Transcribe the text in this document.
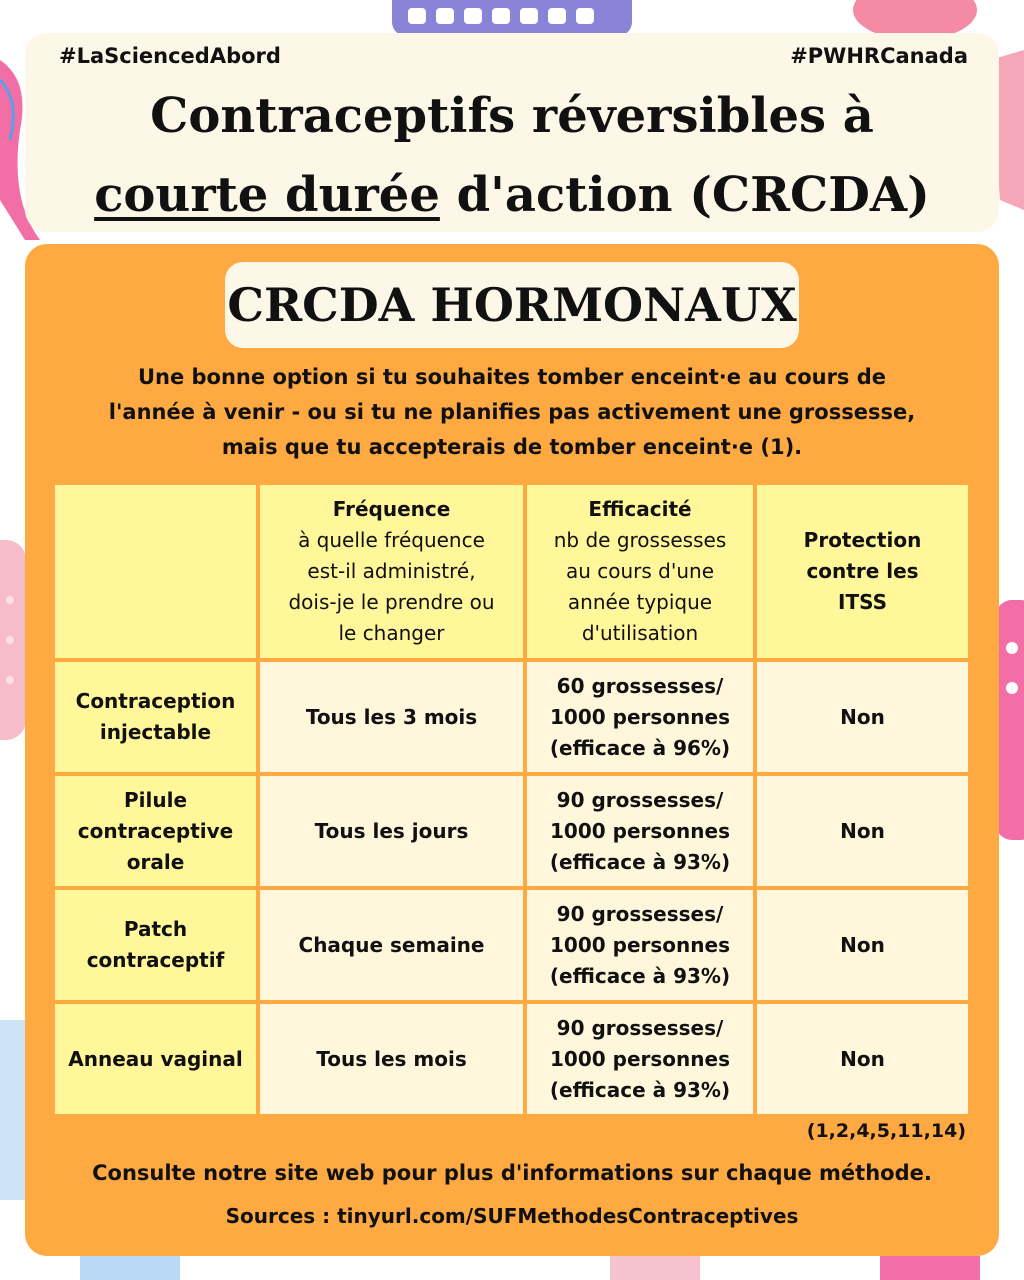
#LaSciencedAbord	#PWHRCanada
Contraceptifs réversibles à
courte durée d'action (CRCDA)
CRCDA HORMONAUX
Une bonne option si tu souhaites tomber enceint·e au cours de
l'année à venir - ou si tu ne planifies pas activement une grossesse,
mais que tu accepterais de tomber enceint·e (1).
Fréquence
à quelle fréquence est-il administré, dois-je le prendre ou le changer
Efficacité
nb de grossesses au cours d'une année typique d'utilisation
Protection contre les ITSS
Contraception injectable
Tous les 3 mois
60 grossesses/
1000 personnes
(efficace à 96%)
Non
Pilule contraceptive orale
Tous les jours
90 grossesses/
1000 personnes
(efficace à 93%)
Non
Patch contraceptif
Chaque semaine
90 grossesses/
1000 personnes
(efficace à 93%)
Non
Anneau vaginal	Tous les mois
90 grossesses/
1000 personnes
(efficace à 93%)
Non
(1,2,4,5,11,14)
Consulte notre site web pour plus d'informations sur chaque méthode.
Sources : tinyurl.com/SUFMethodesContraceptives
